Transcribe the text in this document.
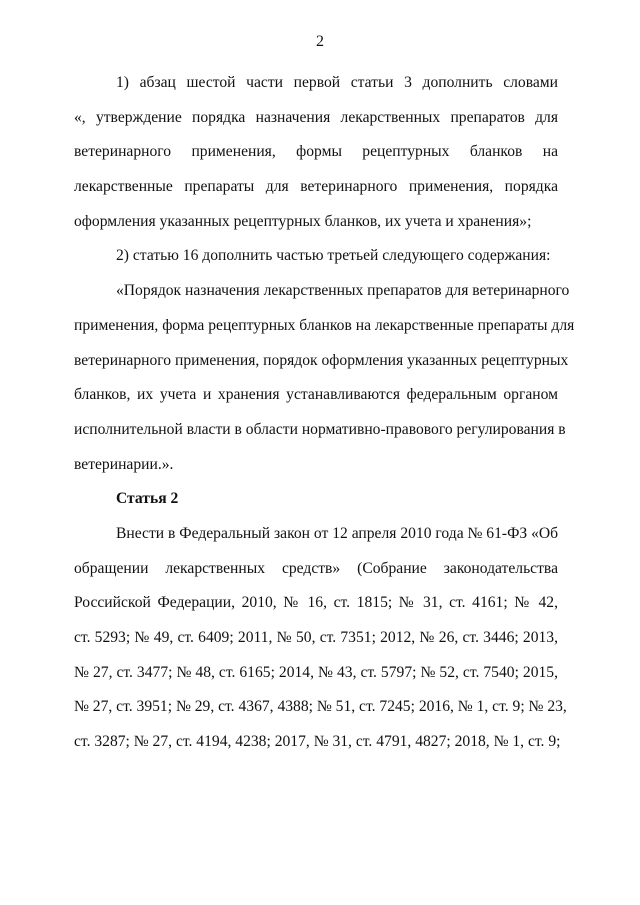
2
1) абзац шестой части первой статьи 3 дополнить словами
«, утверждение порядка назначения лекарственных препаратов для
ветеринарного применения, формы рецептурных бланков на
лекарственные препараты для ветеринарного применения, порядка
оформления указанных рецептурных бланков, их учета и хранения»;
2) статью 16 дополнить частью третьей следующего содержания:
«Порядок назначения лекарственных препаратов для ветеринарного
применения, форма рецептурных бланков на лекарственные препараты для
ветеринарного применения, порядок оформления указанных рецептурных
бланков, их учета и хранения устанавливаются федеральным органом
исполнительной власти в области нормативно-правового регулирования в
ветеринарии.».
Статья 2
Внести в Федеральный закон от 12 апреля 2010 года № 61-ФЗ «Об
обращении лекарственных средств» (Собрание законодательства
Российской Федерации, 2010, № 16, ст. 1815; № 31, ст. 4161; № 42,
ст. 5293; № 49, ст. 6409; 2011, № 50, ст. 7351; 2012, № 26, ст. 3446; 2013,
№ 27, ст. 3477; № 48, ст. 6165; 2014, № 43, ст. 5797; № 52, ст. 7540; 2015,
№ 27, ст. 3951; № 29, ст. 4367, 4388; № 51, ст. 7245; 2016, № 1, ст. 9; № 23,
ст. 3287; № 27, ст. 4194, 4238; 2017, № 31, ст. 4791, 4827; 2018, № 1, ст. 9;
